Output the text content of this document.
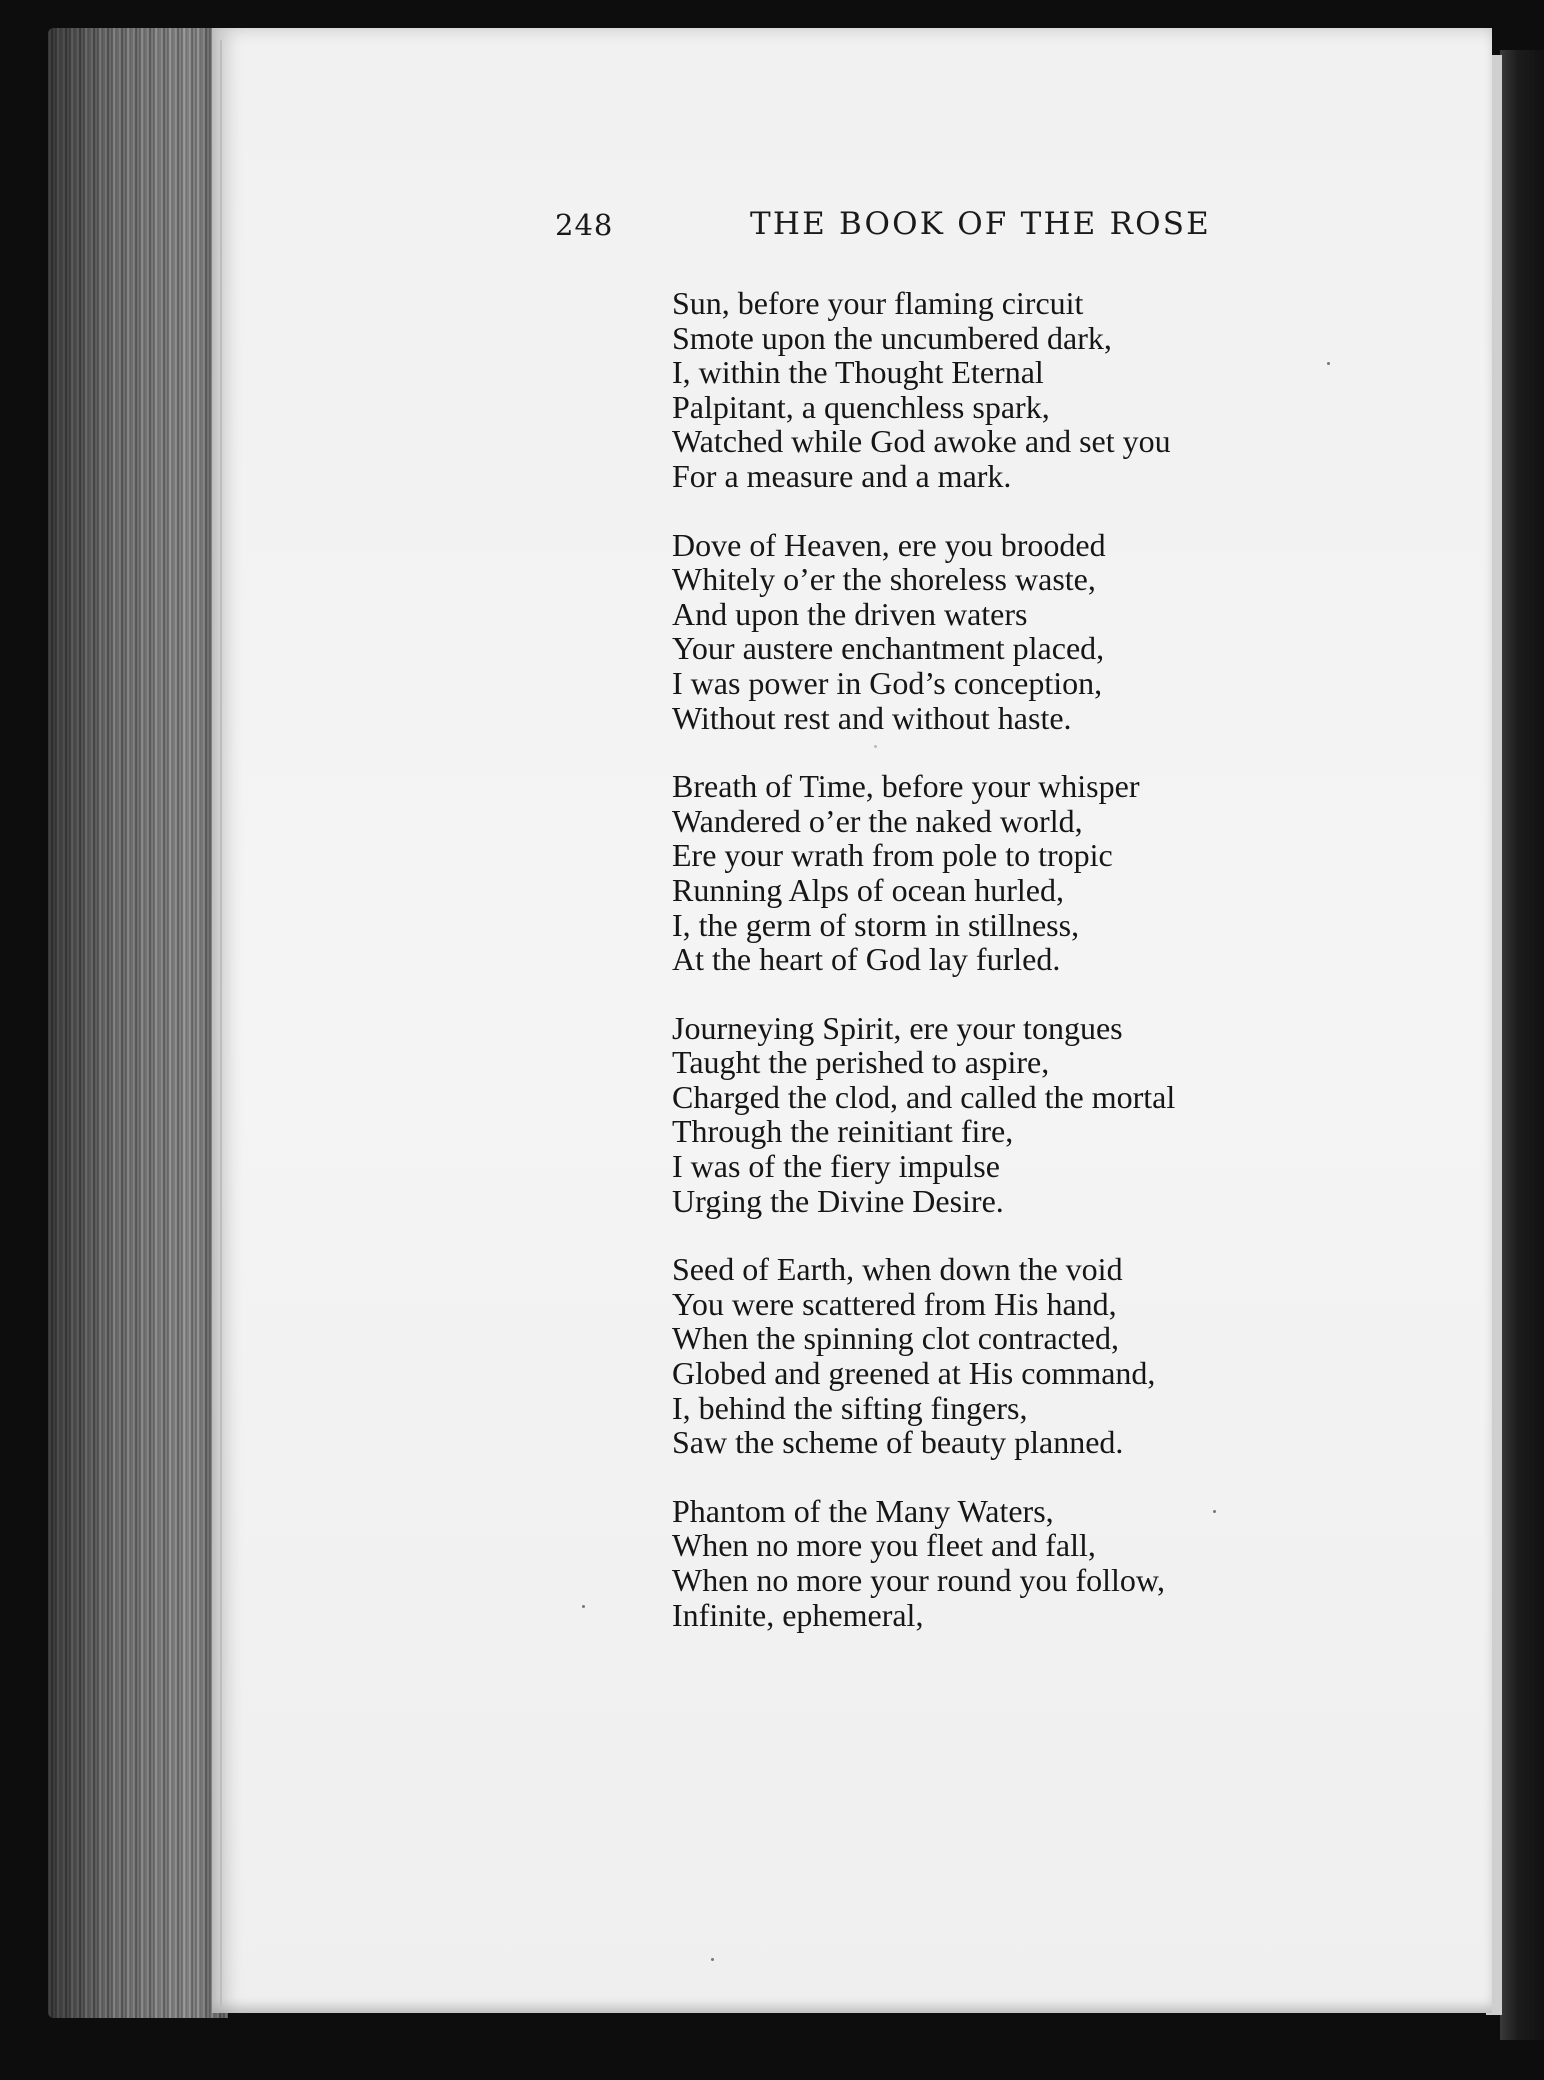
248	THE BOOK OF THE ROSE
Sun, before your flaming circuit
Smote upon the uncumbered dark,
I, within the Thought Eternal
Palpitant, a quenchless spark,
Watched while God awoke and set you
For a measure and a mark.
Dove of Heaven, ere you brooded
Whitely o’er the shoreless waste,
And upon the driven waters
Your austere enchantment placed,
I was power in God’s conception,
Without rest and without haste.
Breath of Time, before your whisper
Wandered o’er the naked world,
Ere your wrath from pole to tropic
Running Alps of ocean hurled,
I, the germ of storm in stillness,
At the heart of God lay furled.
Journeying Spirit, ere your tongues
Taught the perished to aspire,
Charged the clod, and called the mortal
Through the reinitiant fire,
I was of the fiery impulse
Urging the Divine Desire.
Seed of Earth, when down the void
You were scattered from His hand,
When the spinning clot contracted,
Globed and greened at His command,
I, behind the sifting fingers,
Saw the scheme of beauty planned.
Phantom of the Many Waters,
When no more you fleet and fall,
When no more your round you follow,
Infinite, ephemeral,
